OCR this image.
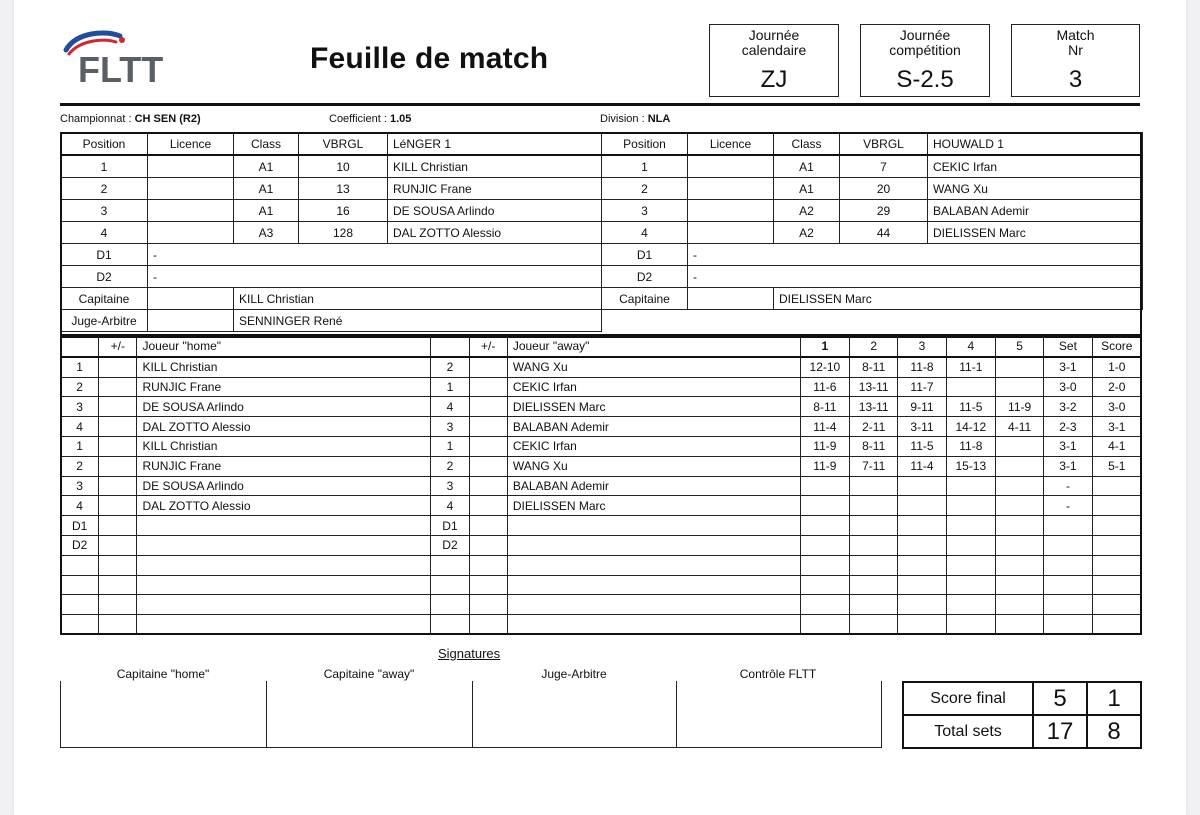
FLTT	Feuille de match
Journée
calendaire
ZJ
Journée
compétition
S-2.5
Match
Nr
3
Championnat : CH SEN (R2)	Coefficient : 1.05	Division : NLA
Position	Licence	Class	VBRGL	LéNGER 1	Position	Licence	Class	VBRGL	HOUWALD 1
1		A1	10	KILL Christian	1		A1	7	CEKIC Irfan
2		A1	13	RUNJIC Frane	2		A1	20	WANG Xu
3		A1	16	DE SOUSA Arlindo	3		A2	29	BALABAN Ademir
4		A3	128	DAL ZOTTO Alessio	4		A2	44	DIELISSEN Marc
D1	-				D1	-			
D2	-				D2	-			
Capitaine		KILL Christian			Capitaine		DIELISSEN Marc		
Juge-Arbitre		SENNINGER René							
	+/-	Joueur "home"		+/-	Joueur "away"	1	2	3	4	5	Set	Score
1		KILL Christian	2		WANG Xu	12-10	8-11	11-8	11-1		3-1	1-0
2		RUNJIC Frane	1		CEKIC Irfan	11-6	13-11	11-7			3-0	2-0
3		DE SOUSA Arlindo	4		DIELISSEN Marc	8-11	13-11	9-11	11-5	11-9	3-2	3-0
4		DAL ZOTTO Alessio	3		BALABAN Ademir	11-4	2-11	3-11	14-12	4-11	2-3	3-1
1		KILL Christian	1		CEKIC Irfan	11-9	8-11	11-5	11-8		3-1	4-1
2		RUNJIC Frane	2		WANG Xu	11-9	7-11	11-4	15-13		3-1	5-1
3		DE SOUSA Arlindo	3		BALABAN Ademir						-	
4		DAL ZOTTO Alessio	4		DIELISSEN Marc						-	
D1			D1									
D2			D2									

Signatures
Capitaine "home"	Capitaine "away"	Juge-Arbitre	Contrôle FLTT
Score final	5	1
Total sets	17	8
